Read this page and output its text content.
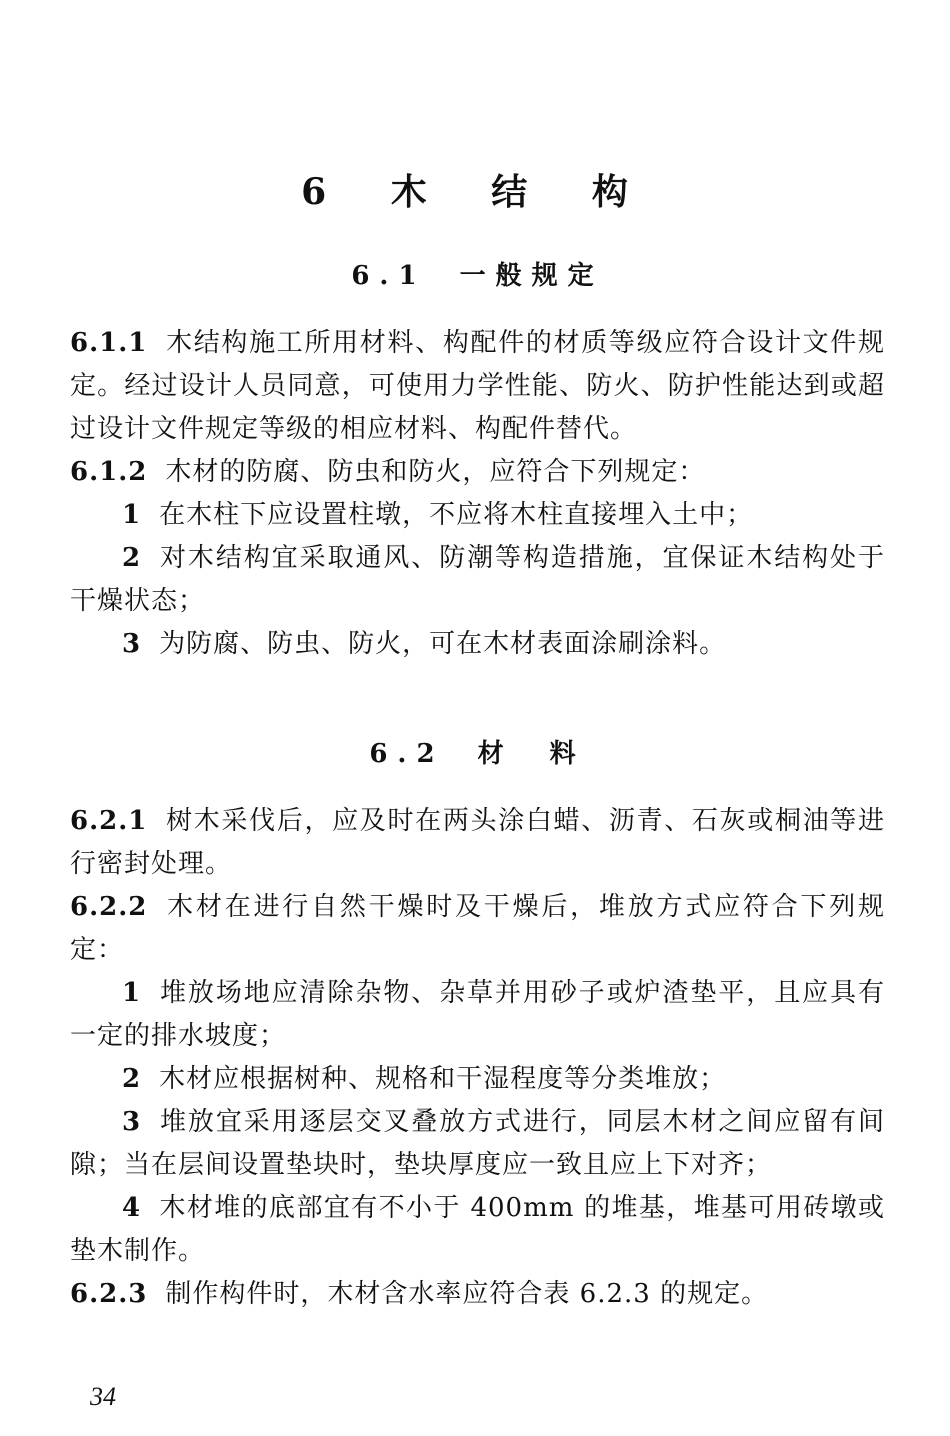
6 木 结 构
6.1 一般规定

6.1.1 木结构施工所用材料、构配件的材质等级应符合设计文件规定。经过设计人员同意，可使用力学性能、防火、防护性能达到或超过设计文件规定等级的相应材料、构配件替代。

6.1.2 木材的防腐、防虫和防火，应符合下列规定：

1 在木柱下应设置柱墩，不应将木柱直接埋入土中；

2 对木结构宜采取通风、防潮等构造措施，宜保证木结构处于干燥状态；

3 为防腐、防虫、防火，可在木材表面涂刷涂料。

6.2 材　料

6.2.1 树木采伐后，应及时在两头涂白蜡、沥青、石灰或桐油等进行密封处理。

6.2.2 木材在进行自然干燥时及干燥后，堆放方式应符合下列规定：

1 堆放场地应清除杂物、杂草并用砂子或炉渣垫平，且应具有一定的排水坡度；

2 木材应根据树种、规格和干湿程度等分类堆放；

3 堆放宜采用逐层交叉叠放方式进行，同层木材之间应留有间隙；当在层间设置垫块时，垫块厚度应一致且应上下对齐；

4 木材堆的底部宜有不小于 400mm 的堆基，堆基可用砖墩或垫木制作。

6.2.3 制作构件时，木材含水率应符合表 6.2.3 的规定。

34
